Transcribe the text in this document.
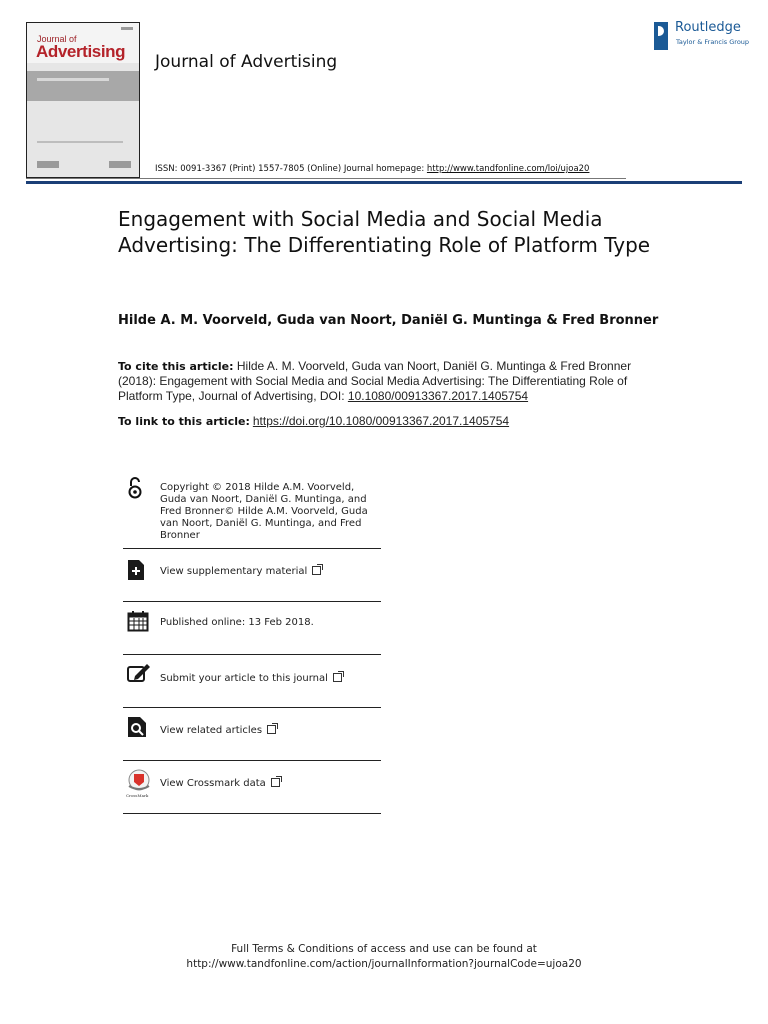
Journal of
Advertising
Journal of Advertising
Routledge
Taylor & Francis Group
ISSN: 0091-3367 (Print) 1557-7805 (Online) Journal homepage: http://www.tandfonline.com/loi/ujoa20
Engagement with Social Media and Social Media Advertising: The Differentiating Role of Platform Type
Hilde A. M. Voorveld, Guda van Noort, Daniël G. Muntinga & Fred Bronner
To cite this article: Hilde A. M. Voorveld, Guda van Noort, Daniël G. Muntinga & Fred Bronner (2018): Engagement with Social Media and Social Media Advertising: The Differentiating Role of Platform Type, Journal of Advertising, DOI: 10.1080/00913367.2017.1405754
To link to this article: https://doi.org/10.1080/00913367.2017.1405754
Copyright © 2018 Hilde A.M. Voorveld, Guda van Noort, Daniël G. Muntinga, and Fred Bronner© Hilde A.M. Voorveld, Guda van Noort, Daniël G. Muntinga, and Fred Bronner
View supplementary material
Published online: 13 Feb 2018.
Submit your article to this journal
View related articles
CrossMark
View Crossmark data
Full Terms & Conditions of access and use can be found at
http://www.tandfonline.com/action/journalInformation?journalCode=ujoa20
